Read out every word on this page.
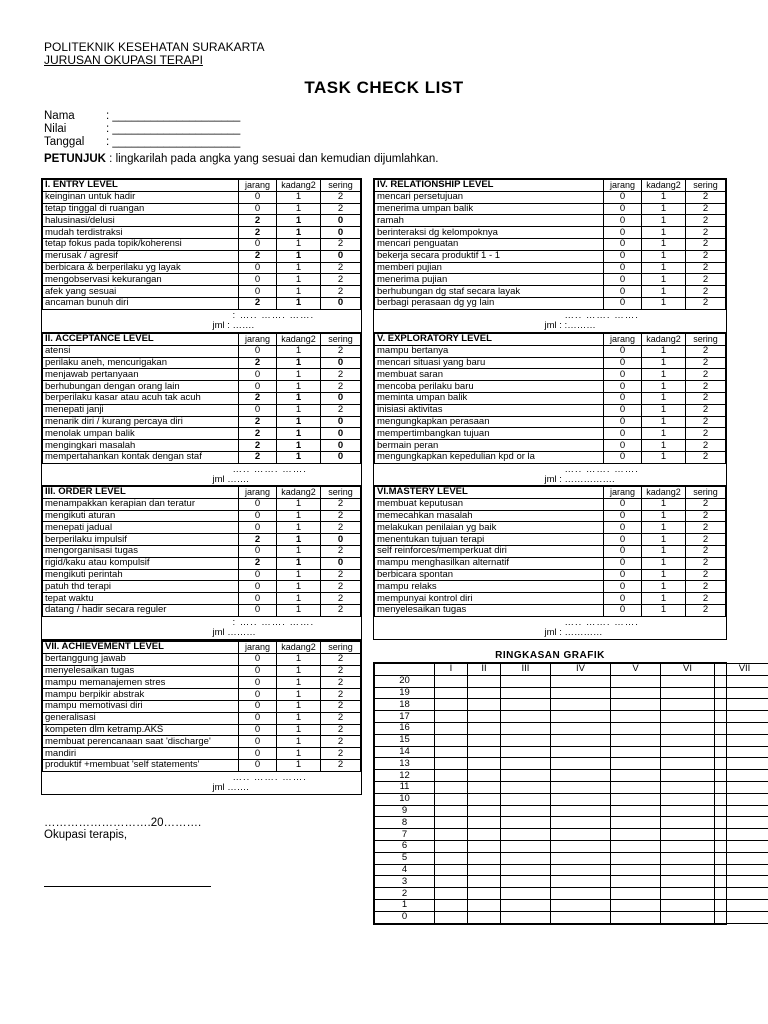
POLITEKNIK KESEHATAN SURAKARTA
JURUSAN OKUPASI TERAPI
TASK CHECK LIST
Nama	: ____________________
Nilai	: ____________________
Tanggal : ____________________
PETUNJUK : lingkarilah pada angka yang sesuai dan kemudian dijumlahkan.
I. ENTRY LEVEL	jarang	kadang2	sering
keinginan untuk hadir	0	1	2
tetap tinggal di ruangan	0	1	2
halusinasi/delusi	2	1	0
mudah terdistraksi	2	1	0
tetap fokus pada topik/koherensi	0	1	2
merusak / agresif	2	1	0
berbicara & berperilaku yg layak	0	1	2
mengobservasi kekurangan	0	1	2
afek yang sesuai	0	1	2
ancaman bunuh diri	2	1	0

: ….. ……. …….
jml : …….			
II. ACCEPTANCE LEVEL	jarang	kadang2	sering
atensi	0	1	2
perilaku aneh, mencurigakan	2	1	0
menjawab pertanyaan	0	1	2
berhubungan dengan orang lain	0	1	2
berperilaku kasar atau acuh tak acuh	2	1	0
menepati janji	0	1	2
menarik diri / kurang percaya diri	2	1	0
menolak umpan balik	2	1	0
mengingkari masalah	2	1	0
mempertahankan kontak dengan staf	2	1	0

….. ……. …….
jml …….			
III. ORDER LEVEL	jarang	kadang2	sering
menampakkan kerapian dan teratur	0	1	2
mengikuti aturan	0	1	2
menepati jadual	0	1	2
berperilaku impulsif	2	1	0
mengorganisasi tugas	0	1	2
rigid/kaku atau kompulsif	2	1	0
mengikuti perintah	0	1	2
patuh thd terapi	0	1	2
tepat waktu	0	1	2
datang / hadir secara reguler	0	1	2

: ….. ……. …….
jml ………			
VII. ACHIEVEMENT LEVEL	jarang	kadang2	sering
bertanggung jawab	0	1	2
menyelesaikan tugas	0	1	2
mampu memanajemen stres	0	1	2
mampu berpikir abstrak	0	1	2
mampu memotivasi diri	0	1	2
generalisasi	0	1	2
kompeten dlm ketramp.AKS	0	1	2
membuat perencanaan saat 'discharge'	0	1	2
mandiri	0	1	2
produktif +membuat 'self statements'	0	1	2

….. ……. …….
jml …….			
IV. RELATIONSHIP LEVEL	jarang	kadang2	sering
mencari persetujuan	0	1	2
menerima umpan balik	0	1	2
ramah	0	1	2
berinteraksi dg kelompoknya	0	1	2
mencari penguatan	0	1	2
bekerja secara produktif 1 - 1	0	1	2
memberi pujian	0	1	2
menerima pujian	0	1	2
berhubungan dg staf secara layak	0	1	2
berbagi perasaan dg yg lain	0	1	2

….. ……. …….
jml : :………			
V. EXPLORATORY LEVEL	jarang	kadang2	sering
mampu bertanya	0	1	2
mencari situasi yang baru	0	1	2
membuat saran	0	1	2
mencoba perilaku baru	0	1	2
meminta umpan balik	0	1	2
inisiasi aktivitas	0	1	2
mengungkapkan perasaan	0	1	2
mempertimbangkan tujuan	0	1	2
bermain peran	0	1	2
mengungkapkan kepedulian kpd or la	0	1	2

….. ……. …….
jml : …………….			
VI.MASTERY LEVEL	jarang	kadang2	sering
membuat keputusan	0	1	2
memecahkan masalah	0	1	2
melakukan penilaian yg baik	0	1	2
menentukan tujuan terapi	0	1	2
self reinforces/memperkuat diri	0	1	2
mampu menghasilkan alternatif	0	1	2
berbicara spontan	0	1	2
mampu relaks	0	1	2
mempunyai kontrol diri	0	1	2
menyelesaikan tugas	0	1	2

….. ……. …….
jml : …………			
RINGKASAN GRAFIK
	I	II	III	IV	V	VI	VII
20							
19							
18							
17							
16							
15							
14							
13							
12							
11							
10							
9							
8							
7							
6							
5							
4							
3							
2							
1							
0							
……………………….20……….
Okupasi terapis,
